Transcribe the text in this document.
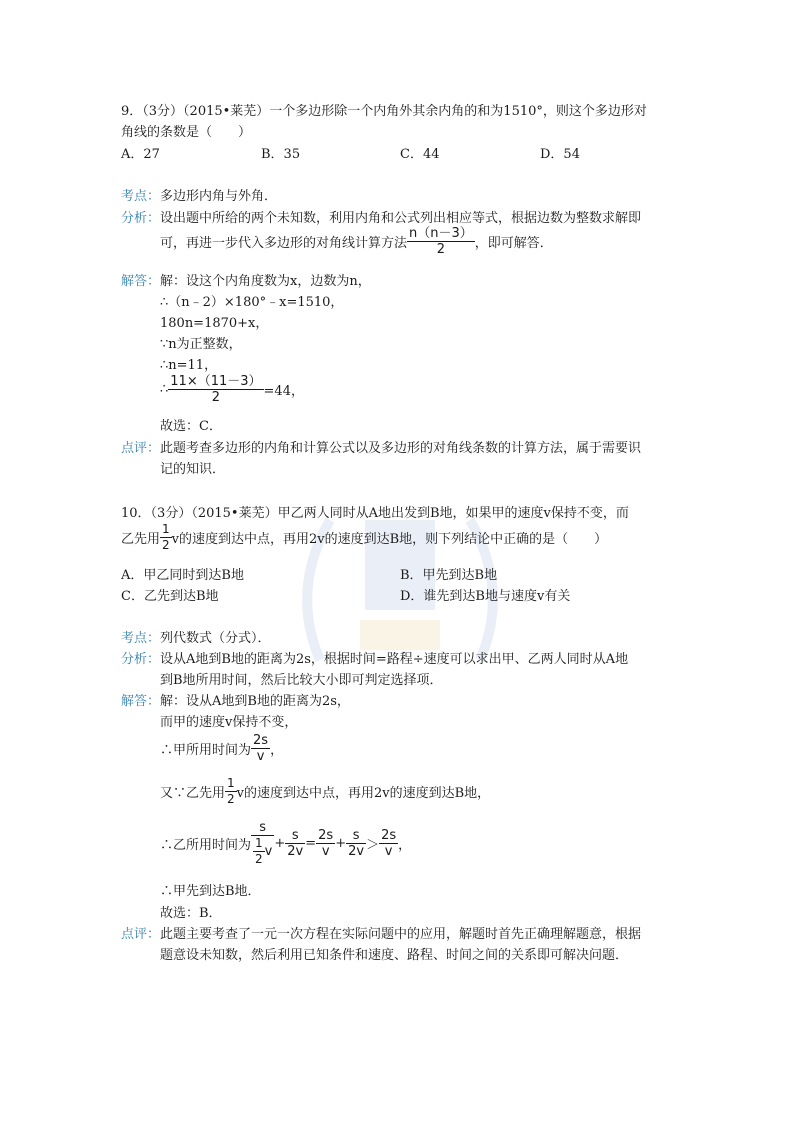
9．（3分）（2015•莱芜）一个多边形除一个内角外其余内角的和为1510°，则这个多边形对
角线的条数是（　　）
A．27	B．35	C．44	D．54
考点：多边形内角与外角．
分析：设出题中所给的两个未知数，利用内角和公式列出相应等式，根据边数为整数求解即
可，再进一步代入多边形的对角线计算方法 $\frac{n(n-3)}{2}$ ，即可解答．
解答：解：设这个内角度数为x，边数为n，
∴（n﹣2）×180°﹣x=1510，
180n=1870+x，
∵n为正整数，
∴n=11，
∴ $\frac{11\times(11-3)}{2} =44$，
故选：C．
点评：此题考查多边形的内角和计算公式以及多边形的对角线条数的计算方法，属于需要识
记的知识．
10．（3分）（2015•莱芜）甲乙两人同时从A地出发到B地，如果甲的速度v保持不变，而
乙先用 $\frac{1}{2}$ v的速度到达中点，再用2v的速度到达B地，则下列结论中正确的是（　　）
A．甲乙同时到达B地	B．甲先到达B地
C．乙先到达B地	D．谁先到达B地与速度v有关
考点：列代数式（分式）．
分析：设从A地到B地的距离为2s，根据时间=路程÷速度可以求出甲、乙两人同时从A地
到B地所用时间，然后比较大小即可判定选择项．
解答：解：设从A地到B地的距离为2s，
而甲的速度v保持不变，
∴甲所用时间为 $\frac{2s}{v}$ ，
又∵乙先用 $\frac{1}{2}$ v的速度到达中点，再用2v的速度到达B地，
∴乙所用时间为 $\frac{s}{\frac{1}{2} v} + \frac{s}{2v} = \frac{2s}{v} + \frac{s}{2v} > \frac{2s}{v}$ ，
∴甲先到达B地．
故选：B．
点评：此题主要考查了一元一次方程在实际问题中的应用，解题时首先正确理解题意，根据
题意设未知数，然后利用已知条件和速度、路程、时间之间的关系即可解决问题．
